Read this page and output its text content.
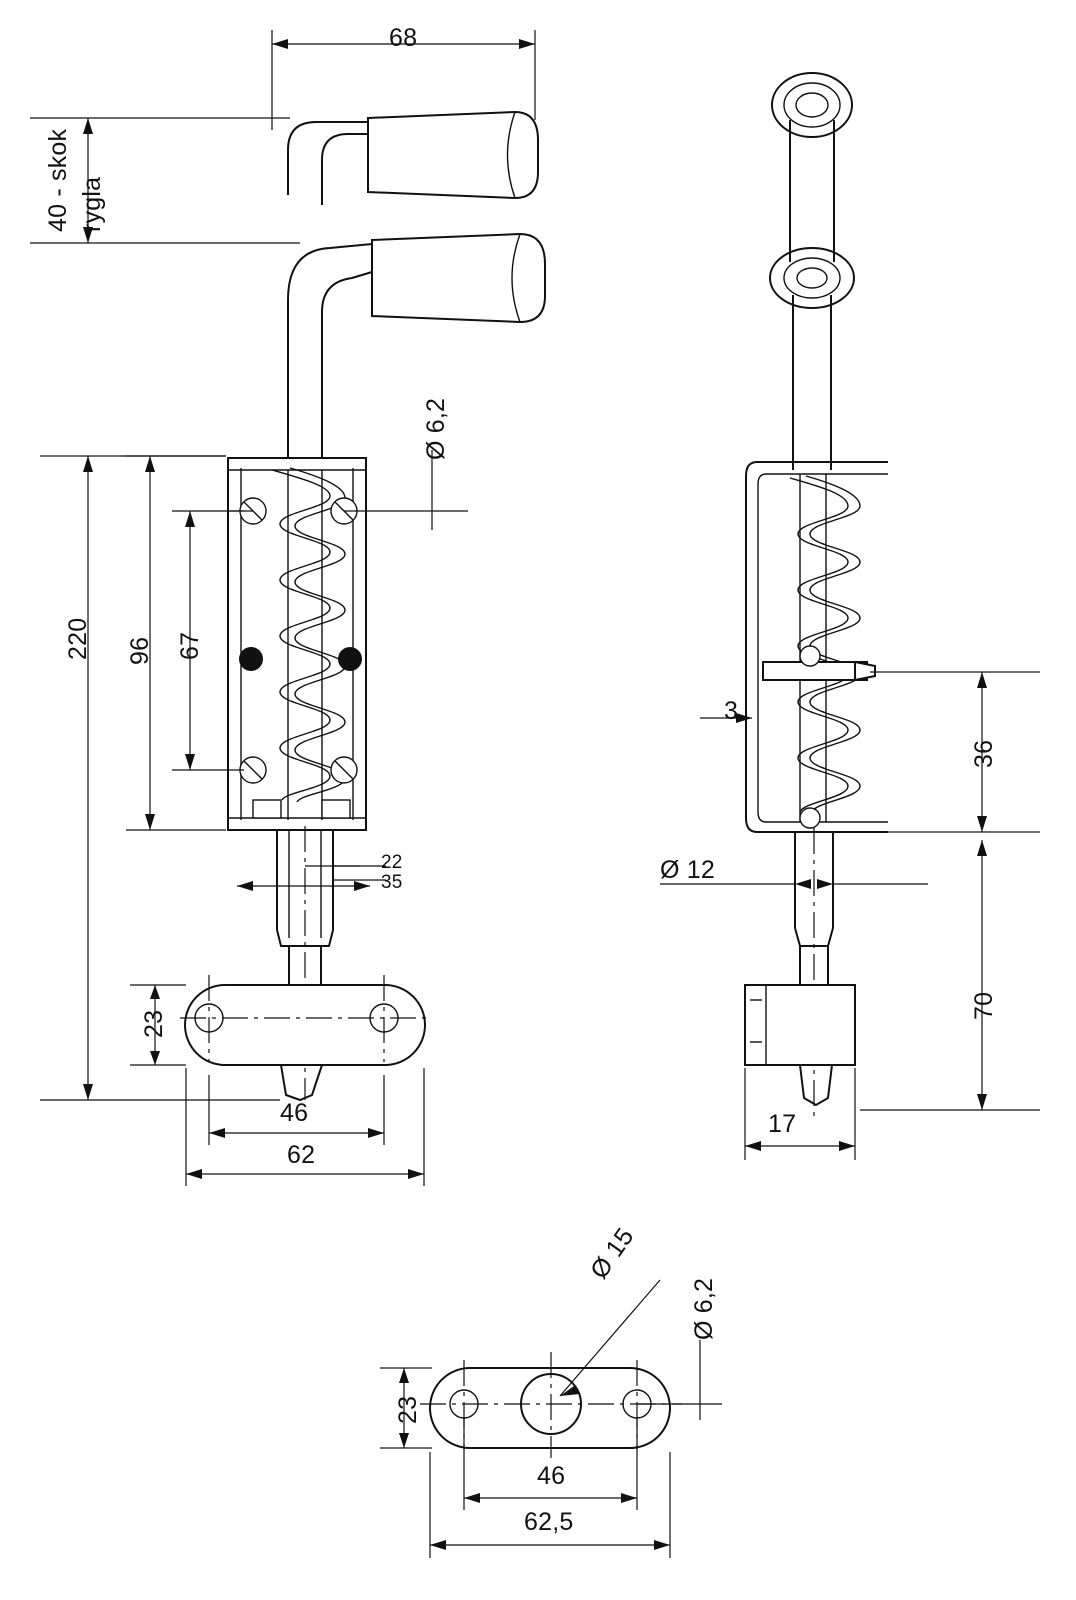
68
40 - skok rygla
Ø 6,2
220 96 67
22
35
23
46
62
3
36
Ø 12
70
17
Ø 15
Ø 6,2
23
46
62,5
